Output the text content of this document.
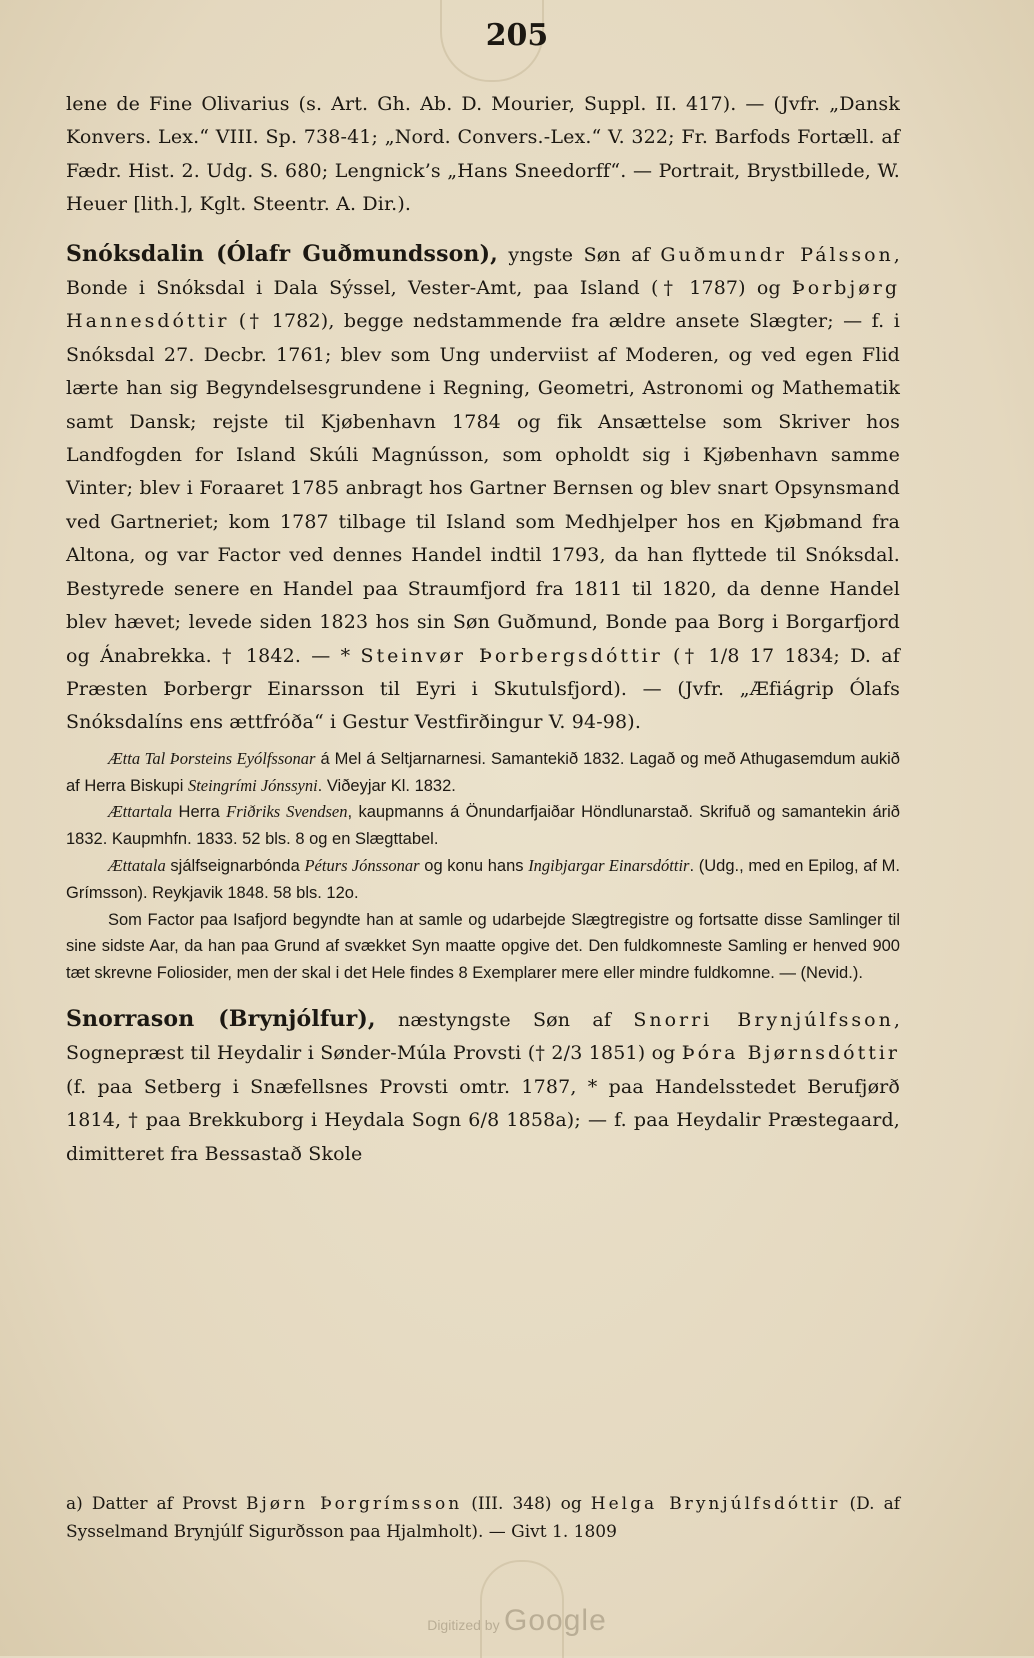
205

lene de Fine Olivarius (s. Art. Gh. Ab. D. Mourier, Suppl. II. 417). — (Jvfr. „Dansk Konvers. Lex.“ VIII. Sp. 738-41; „Nord. Convers.-Lex.“ V. 322; Fr. Barfods Fortæll. af Fædr. Hist. 2. Udg. S. 680; Lengnick’s „Hans Sneedorff“. — Portrait, Brystbillede, W. Heuer [lith.], Kglt. Steentr. A. Dir.).

Snóksdalin (Ólafr Guðmundsson), yngste Søn af Guðmundr Pálsson, Bonde i Snóksdal i Dala Sýssel, Vester-Amt, paa Island († 1787) og Þorbjørg Hannesdóttir († 1782), begge nedstammende fra ældre ansete Slægter; — f. i Snóksdal 27. Decbr. 1761; blev som Ung underviist af Moderen, og ved egen Flid lærte han sig Begyndelsesgrundene i Regning, Geometri, Astronomi og Mathematik samt Dansk; rejste til Kjøbenhavn 1784 og fik Ansættelse som Skriver hos Landfogden for Island Skúli Magnússon, som opholdt sig i Kjøbenhavn samme Vinter; blev i Foraaret 1785 anbragt hos Gartner Bernsen og blev snart Opsynsmand ved Gartneriet; kom 1787 tilbage til Island som Medhjelper hos en Kjøbmand fra Altona, og var Factor ved dennes Handel indtil 1793, da han flyttede til Snóksdal. Bestyrede senere en Handel paa Straumfjord fra 1811 til 1820, da denne Handel blev hævet; levede siden 1823 hos sin Søn Guðmund, Bonde paa Borg i Borgarfjord og Ánabrekka. † 1842. — * Steinvør Þorbergsdóttir († 1/8 17 1834; D. af Præsten Þorbergr Einarsson til Eyri i Skutulsfjord). — (Jvfr. „Æfiágrip Ólafs Snóksdalíns ens ættfróða“ i Gestur Vestfirðingur V. 94-98).

Ætta Tal Þorsteins Eyólfssonar á Mel á Seltjarnarnesi. Samantekið 1832. Lagað og með Athugasemdum aukið af Herra Biskupi Steingrími Jónssyni. Viðeyjar Kl. 1832.

Ættartala Herra Friðriks Svendsen, kaupmanns á Önundarfjaiðar Höndlunarstað. Skrifuð og samantekin árið 1832. Kaupmhfn. 1833. 52 bls. 8 og en Slægttabel.

Ættatala sjálfseignarbónda Péturs Jónssonar og konu hans Ingibjargar Einarsdóttir. (Udg., med en Epilog, af M. Grímsson). Reykjavik 1848. 58 bls. 12o.

Som Factor paa Isafjord begyndte han at samle og udarbejde Slægtregistre og fortsatte disse Samlinger til sine sidste Aar, da han paa Grund af svækket Syn maatte opgive det. Den fuldkomneste Samling er henved 900 tæt skrevne Foliosider, men der skal i det Hele findes 8 Exemplarer mere eller mindre fuldkomne. — (Nevid.).

Snorrason (Brynjólfur), næstyngste Søn af Snorri Brynjúlfsson, Sognepræst til Heydalir i Sønder-Múla Provsti († 2/3 1851) og Þóra Bjørnsdóttir (f. paa Setberg i Snæfellsnes Provsti omtr. 1787, * paa Handelsstedet Berufjørð 1814, † paa Brekkuborg i Heydala Sogn 6/8 1858a); — f. paa Heydalir Præstegaard, dimitteret fra Bessastað Skole

a) Datter af Provst Bjørn Þorgrímsson (III. 348) og Helga Brynjúlfsdóttir (D. af Sysselmand Brynjúlf Sigurðsson paa Hjalmholt). — Givt 1. 1809
Digitized by Google
